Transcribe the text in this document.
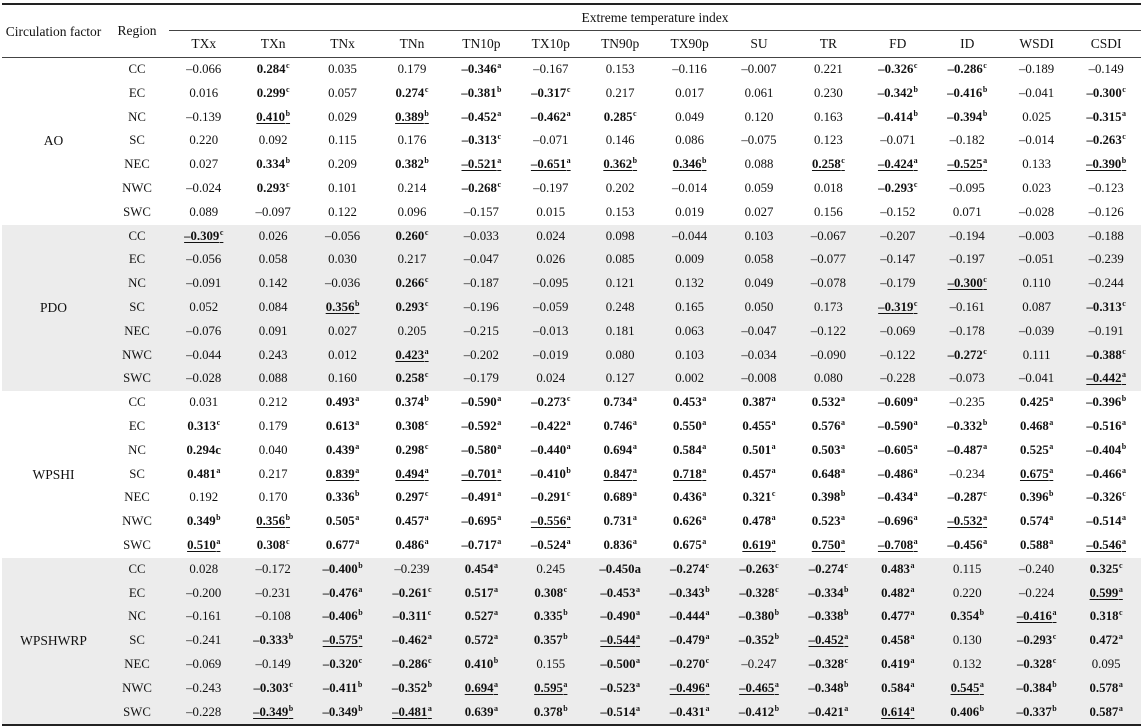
Circulation factor	Region	Extreme temperature index													
		TXx	TXn	TNx	TNn	TN10p	TX10p	TN90p	TX90p	SU	TR	FD	ID	WSDI	CSDI
AO	CC	–0.066	0.284$^c$	0.035	0.179	–0.346$^a$	–0.167	0.153	–0.116	–0.007	0.221	–0.326$^c$	–0.286$^c$	–0.189	–0.149
	EC	0.016	0.299$^c$	0.057	0.274$^c$	–0.381$^b$	–0.317$^c$	0.217	0.017	0.061	0.230	–0.342$^b$	–0.416$^b$	–0.041	–0.300$^c$
	NC	–0.139	0.410$^b$	0.029	0.389$^b$	–0.452$^a$	–0.462$^a$	0.285$^c$	0.049	0.120	0.163	–0.414$^b$	–0.394$^b$	0.025	–0.315$^a$
	SC	0.220	0.092	0.115	0.176	–0.313$^c$	–0.071	0.146	0.086	–0.075	0.123	–0.071	–0.182	–0.014	–0.263$^c$
	NEC	0.027	0.334$^b$	0.209	0.382$^b$	–0.521$^a$	–0.651$^a$	0.362$^b$	0.346$^b$	0.088	0.258$^c$	–0.424$^a$	–0.525$^a$	0.133	–0.390$^b$
	NWC	–0.024	0.293$^c$	0.101	0.214	–0.268$^c$	–0.197	0.202	–0.014	0.059	0.018	–0.293$^c$	–0.095	0.023	–0.123
	SWC	0.089	–0.097	0.122	0.096	–0.157	0.015	0.153	0.019	0.027	0.156	–0.152	0.071	–0.028	–0.126
PDO	CC	–0.309$^c$	0.026	–0.056	0.260$^c$	–0.033	0.024	0.098	–0.044	0.103	–0.067	–0.207	–0.194	–0.003	–0.188
	EC	–0.056	0.058	0.030	0.217	–0.047	0.026	0.085	0.009	0.058	–0.077	–0.147	–0.197	–0.051	–0.239
	NC	–0.091	0.142	–0.036	0.266$^c$	–0.187	–0.095	0.121	0.132	0.049	–0.078	–0.179	–0.300$^c$	0.110	–0.244
	SC	0.052	0.084	0.356$^b$	0.293$^c$	–0.196	–0.059	0.248	0.165	0.050	0.173	–0.319$^c$	–0.161	0.087	–0.313$^c$
	NEC	–0.076	0.091	0.027	0.205	–0.215	–0.013	0.181	0.063	–0.047	–0.122	–0.069	–0.178	–0.039	–0.191
	NWC	–0.044	0.243	0.012	0.423$^a$	–0.202	–0.019	0.080	0.103	–0.034	–0.090	–0.122	–0.272$^c$	0.111	–0.388$^c$
	SWC	–0.028	0.088	0.160	0.258$^c$	–0.179	0.024	0.127	0.002	–0.008	0.080	–0.228	–0.073	–0.041	–0.442$^a$
WPSHI	CC	0.031	0.212	0.493$^a$	0.374$^b$	–0.590$^a$	–0.273$^c$	0.734$^a$	0.453$^a$	0.387$^a$	0.532$^a$	–0.609$^a$	–0.235	0.425$^a$	–0.396$^b$
	EC	0.313$^c$	0.179	0.613$^a$	0.308$^c$	–0.592$^a$	–0.422$^a$	0.746$^a$	0.550$^a$	0.455$^a$	0.576$^a$	–0.590$^a$	–0.332$^b$	0.468$^a$	–0.516$^a$
	NC	0.294c	0.040	0.439$^a$	0.298$^c$	–0.580$^a$	–0.440$^a$	0.694$^a$	0.584$^a$	0.501$^a$	0.503$^a$	–0.605$^a$	–0.487$^a$	0.525$^a$	–0.404$^b$
	SC	0.481$^a$	0.217	0.839$^a$	0.494$^a$	–0.701$^a$	–0.410$^b$	0.847$^a$	0.718$^a$	0.457$^a$	0.648$^a$	–0.486$^a$	–0.234	0.675$^a$	–0.466$^a$
	NEC	0.192	0.170	0.336$^b$	0.297$^c$	–0.491$^a$	–0.291$^c$	0.689$^a$	0.436$^a$	0.321$^c$	0.398$^b$	–0.434$^a$	–0.287$^c$	0.396$^b$	–0.326$^c$
	NWC	0.349$^b$	0.356$^b$	0.505$^a$	0.457$^a$	–0.695$^a$	–0.556$^a$	0.731$^a$	0.626$^a$	0.478$^a$	0.523$^a$	–0.696$^a$	–0.532$^a$	0.574$^a$	–0.514$^a$
	SWC	0.510$^a$	0.308$^c$	0.677$^a$	0.486$^a$	–0.717$^a$	–0.524$^a$	0.836$^a$	0.675$^a$	0.619$^a$	0.750$^a$	–0.708$^a$	–0.456$^a$	0.588$^a$	–0.546$^a$
WPSHWRP	CC	0.028	–0.172	–0.400$^b$	–0.239	0.454$^a$	0.245	–0.450a	–0.274$^c$	–0.263$^c$	–0.274$^c$	0.483$^a$	0.115	–0.240	0.325$^c$
	EC	–0.200	–0.231	–0.476$^a$	–0.261$^c$	0.517$^a$	0.308$^c$	–0.453$^a$	–0.343$^b$	–0.328$^c$	–0.334$^b$	0.482$^a$	0.220	–0.224	0.599$^a$
	NC	–0.161	–0.108	–0.406$^b$	–0.311$^c$	0.527$^a$	0.335$^b$	–0.490$^a$	–0.444$^a$	–0.380$^b$	–0.338$^b$	0.477$^a$	0.354$^b$	–0.416$^a$	0.318$^c$
	SC	–0.241	–0.333$^b$	–0.575$^a$	–0.462$^a$	0.572$^a$	0.357$^b$	–0.544$^a$	–0.479$^a$	–0.352$^b$	–0.452$^a$	0.458$^a$	0.130	–0.293$^c$	0.472$^a$
	NEC	–0.069	–0.149	–0.320$^c$	–0.286$^c$	0.410$^b$	0.155	–0.500$^a$	–0.270$^c$	–0.247	–0.328$^c$	0.419$^a$	0.132	–0.328$^c$	0.095
	NWC	–0.243	–0.303$^c$	–0.411$^b$	–0.352$^b$	0.694$^a$	0.595$^a$	–0.523$^a$	–0.496$^a$	–0.465$^a$	–0.348$^b$	0.584$^a$	0.545$^a$	–0.384$^b$	0.578$^a$
	SWC	–0.228	–0.349$^b$	–0.349$^b$	–0.481$^a$	0.639$^a$	0.378$^b$	–0.514$^a$	–0.431$^a$	–0.412$^b$	–0.421$^a$	0.614$^a$	0.406$^b$	–0.337$^b$	0.587$^a$
